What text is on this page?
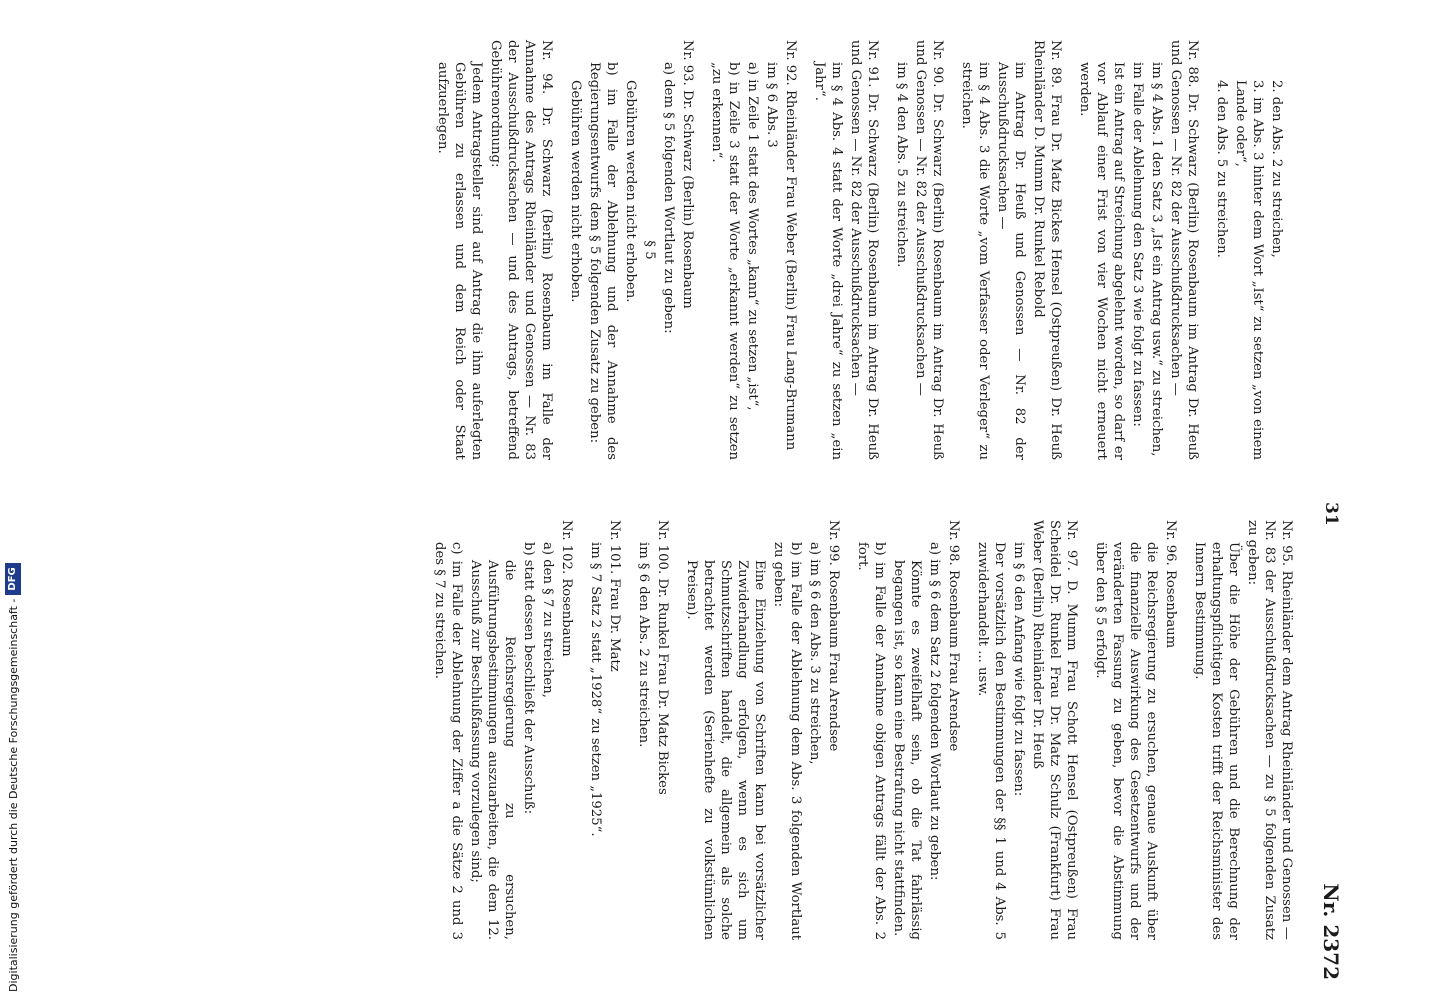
31
Nr. 2372

2. den Abs. 2 zu streichen,

3. im Abs. 3 hinter dem Wort „Ist“ zu setzen „von einem Lande oder“,

4. den Abs. 5 zu streichen.

Nr. 88. Dr. Schwarz (Berlin) Rosenbaum im Antrag Dr. Heuß und Genossen — Nr. 82 der Ausschußdrucksachen —

im § 4 Abs. 1 den Satz 3 „Ist ein Antrag usw.“ zu streichen,

im Falle der Ablehnung den Satz 3 wie folgt zu fassen:

Ist ein Antrag auf Streichung abgelehnt worden, so darf er vor Ablauf einer Frist von vier Wochen nicht erneuert werden.

Nr. 89. Frau Dr. Matz Bickes Hensel (Ostpreußen) Dr. Heuß Rheinländer D. Mumm Dr. Runkel Rebold

im Antrag Dr. Heuß und Genossen — Nr. 82 der Ausschußdrucksachen —

im § 4 Abs. 3 die Worte „vom Verfasser oder Verleger“ zu streichen.

Nr. 90. Dr. Schwarz (Berlin) Rosenbaum im Antrag Dr. Heuß und Genossen — Nr. 82 der Ausschußdrucksachen —

im § 4 den Abs. 5 zu streichen.

Nr. 91. Dr. Schwarz (Berlin) Rosenbaum im Antrag Dr. Heuß und Genossen — Nr. 82 der Ausschußdrucksachen —

im § 4 Abs. 4 statt der Worte „drei Jahre“ zu setzen „ein Jahr“.

Nr. 92. Rheinländer Frau Weber (Berlin) Frau Lang-Brumann

im § 6 Abs. 3

a) in Zeile 1 statt des Wortes „kann“ zu setzen „ist“,

b) in Zeile 3 statt der Worte „erkannt werden“ zu setzen „zu erkennen“.

Nr. 93. Dr. Schwarz (Berlin) Rosenbaum

a) dem § 5 folgenden Wortlaut zu geben:

§ 5

Gebühren werden nicht erhoben.

b) im Falle der Ablehnung und der Annahme des Regierungsentwurfs dem § 5 folgenden Zusatz zu geben:

Gebühren werden nicht erhoben.

Nr. 94. Dr. Schwarz (Berlin) Rosenbaum im Falle der Annahme des Antrags Rheinländer und Genossen — Nr. 83 der Ausschußdrucksachen — und des Antrags, betreffend Gebührenordnung:

Jedem Antragsteller sind auf Antrag die ihm auferlegten Gebühren zu erlassen und dem Reich oder Staat aufzuerlegen.

Nr. 95. Rheinländer dem Antrag Rheinländer und Genossen — Nr. 83 der Ausschußdrucksachen — zu § 5 folgenden Zusatz zu geben:

Über die Höhe der Gebühren und die Berechnung der erhaltungspflichtigen Kosten trifft der Reichsminister des Innern Bestimmung.

Nr. 96. Rosenbaum

die Reichsregierung zu ersuchen, genaue Auskunft über die finanzielle Auswirkung des Gesetzentwurfs und der veränderten Fassung zu geben, bevor die Abstimmung über den § 5 erfolgt.

Nr. 97. D. Mumm Frau Schott Hensel (Ostpreußen) Frau Scheidel Dr. Runkel Frau Dr. Matz Schulz (Frankfurt) Frau Weber (Berlin) Rheinländer Dr. Heuß

im § 6 den Anfang wie folgt zu fassen:

Der vorsätzlich den Bestimmungen der §§ 1 und 4 Abs. 5 zuwiderhandelt ... usw.

Nr. 98. Rosenbaum Frau Arendsee

a) im § 6 dem Satz 2 folgenden Wortlaut zu geben:

Könnte es zweifelhaft sein, ob die Tat fahrlässig begangen ist, so kann eine Bestrafung nicht stattfinden.

b) im Falle der Annahme obigen Antrags fällt der Abs. 2 fort.

Nr. 99. Rosenbaum Frau Arendsee

a) im § 6 den Abs. 3 zu streichen,

b) im Falle der Ablehnung dem Abs. 3 folgenden Wortlaut zu geben:

Eine Einziehung von Schriften kann bei vorsätzlicher Zuwiderhandlung erfolgen, wenn es sich um Schmutzschriften handelt, die allgemein als solche betrachtet werden (Serienhefte zu volkstümlichen Preisen).

Nr. 100. Dr. Runkel Frau Dr. Matz Bickes

im § 6 den Abs. 2 zu streichen.

Nr. 101. Frau Dr. Matz

im § 7 Satz 2 statt „1928“ zu setzen „1925“.

Nr. 102. Rosenbaum

a) den § 7 zu streichen,

b) statt dessen beschließt der Ausschuß:

die Reichsregierung zu ersuchen, Ausführungsbestimmungen auszuarbeiten, die dem 12. Ausschuß zur Beschlußfassung vorzulegen sind;

c) im Falle der Ablehnung der Ziffer a die Sätze 2 und 3 des § 7 zu streichen.

Digitalisierung gefördert durch die Deutsche Forschungsgemeinschaft -
DFG
